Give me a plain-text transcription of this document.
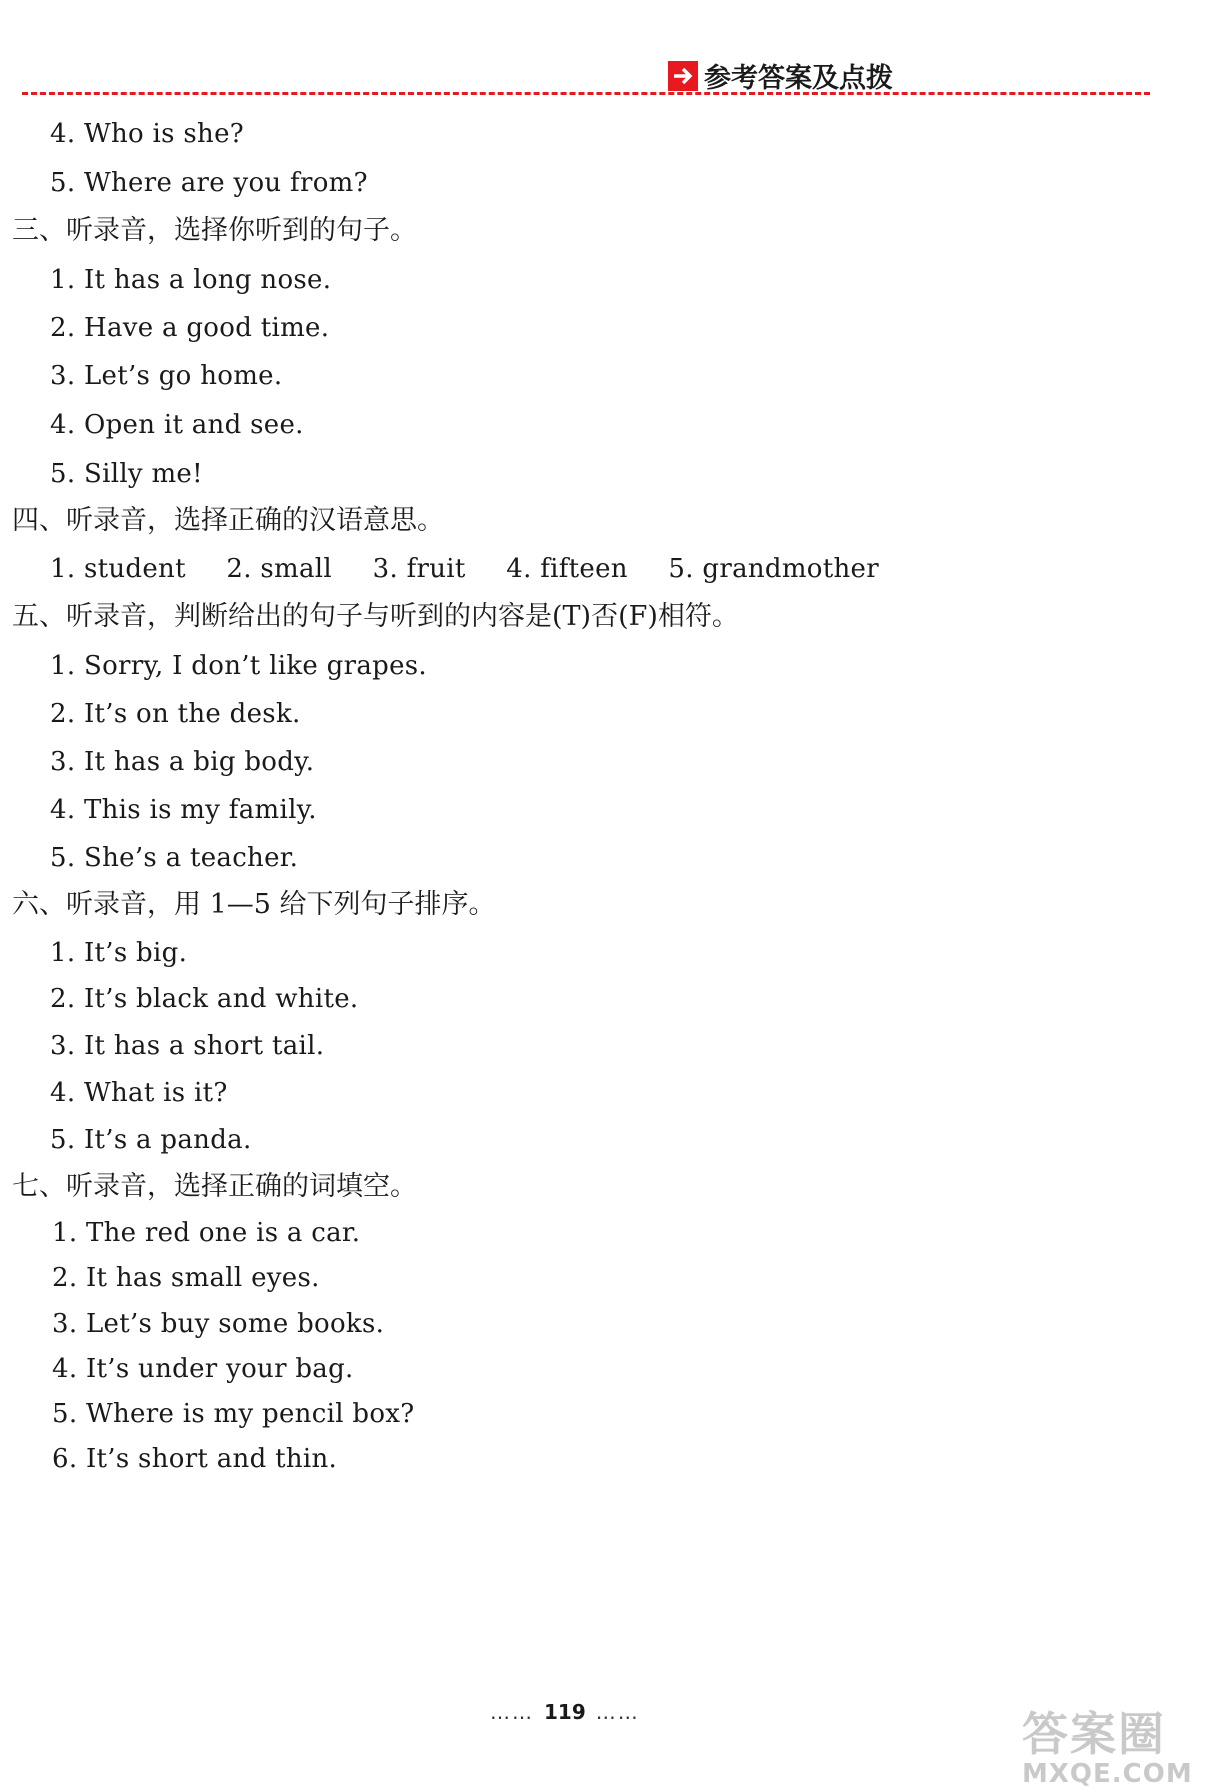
参考答案及点拨
4. Who is she?
5. Where are you from?
三、听录音，选择你听到的句子。
1. It has a long nose.
2. Have a good time.
3. Let’s go home.
4. Open it and see.
5. Silly me!
四、听录音，选择正确的汉语意思。
1. student 2. small 3. fruit 4. fifteen 5. grandmother
五、听录音，判断给出的句子与听到的内容是(T)否(F)相符。
1. Sorry, I don’t like grapes.
2. It’s on the desk.
3. It has a big body.
4. This is my family.
5. She’s a teacher.
六、听录音，用 1—5 给下列句子排序。
1. It’s big.
2. It’s black and white.
3. It has a short tail.
4. What is it?
5. It’s a panda.
七、听录音，选择正确的词填空。
1. The red one is a car.
2. It has small eyes.
3. Let’s buy some books.
4. It’s under your bag.
5. Where is my pencil box?
6. It’s short and thin.
…… 119 ……	答案圈
MXQE.COM
